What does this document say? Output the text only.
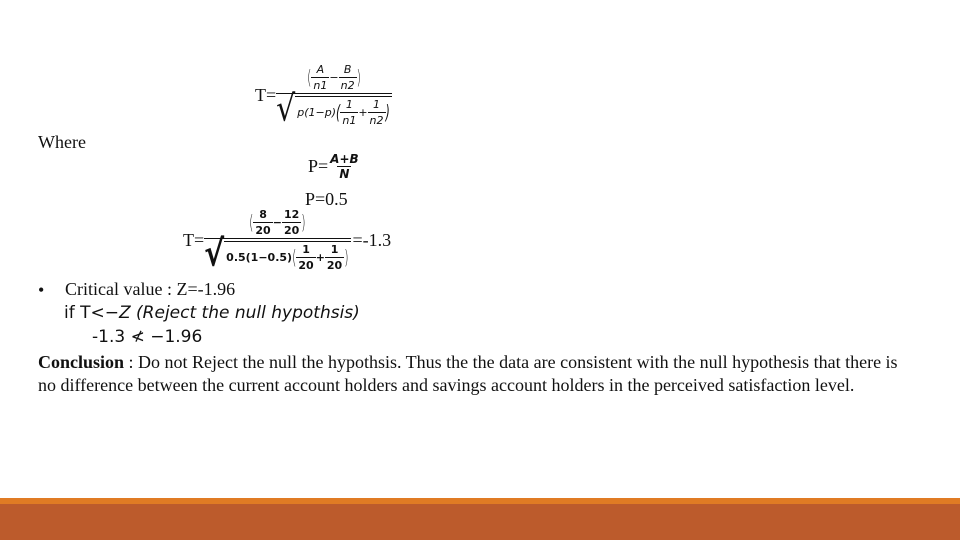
T=
( $\frac{A}{n1} - \frac{B}{n2}$ )
√ p(1−p) ( $\frac{1}{n1} + \frac{1}{n2}$ )
Where
$P= \frac{A+B}{N}$
P=0.5
T=
( $\frac{8}{20} - \frac{12}{20}$ )
√ 0.5(1−0.5) ( $\frac{1}{20} + \frac{1}{20}$ )
=-1.3
• Critical value : Z=-1.96
if T< −Z (Reject the null hypothsis)
-1.3 ≮ −1.96
Conclusion : Do not Reject the null the hypothsis. Thus the the data are consistent with the null hypothesis that there is no difference between the current account holders and savings account holders in the perceived satisfaction level.
